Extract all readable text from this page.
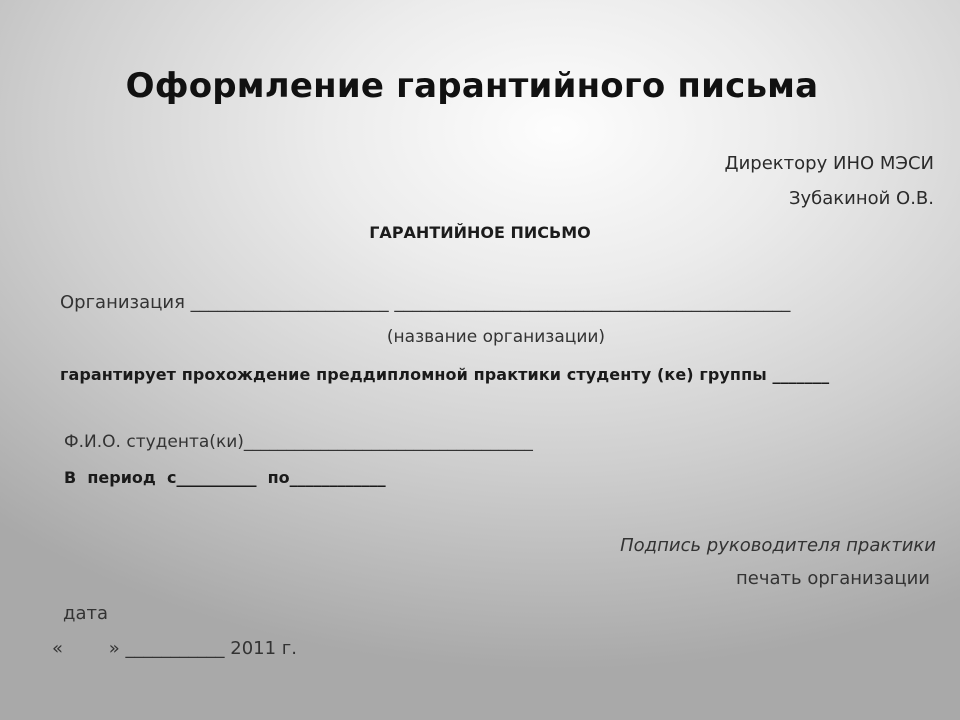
Оформление гарантийного письма
Директору ИНО МЭСИ
Зубакиной О.В.
ГАРАНТИЙНОЕ ПИСЬМО
Организация ______________________ ____________________________________________
(название организации)
гарантирует прохождение преддипломной практики студенту (ке) группы _______
Ф.И.О. студента(ки)__________________________________
В  период  с__________  по____________
Подпись руководителя практики
печать организации
дата
«        » ___________ 2011 г.
